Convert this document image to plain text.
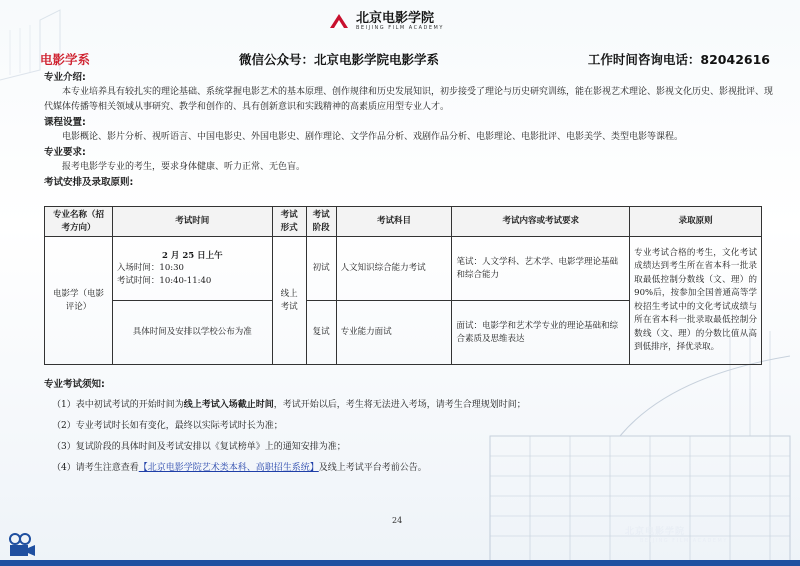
北京电影学院
BEIJING FILM ACADEMY
电影学系	微信公众号：北京电影学院电影学系	工作时间咨询电话：82042616

专业介绍:

本专业培养具有较扎实的理论基础、系统掌握电影艺术的基本原理、创作规律和历史发展知识，初步接受了理论与历史研究训练，能在影视艺术理论、影视文化历史、影视批评、现代媒体传播等相关领域从事研究、教学和创作的、具有创新意识和实践精神的高素质应用型专业人才。

课程设置:

电影概论、影片分析、视听语言、中国电影史、外国电影史、剧作理论、文学作品分析、戏剧作品分析、电影理论、电影批评、电影美学、类型电影等课程。

专业要求:

报考电影学专业的考生，要求身体健康、听力正常、无色盲。

考试安排及录取原则:

专业名称（招考方向）	考试时间	考试形式	考试阶段	考试科目	考试内容或考试要求	录取原则
电影学（电影评论）	2 月 25 日上午
入场时间：10:30
考试时间：10:40-11:40	线上考试	初试	人文知识综合能力考试	笔试：人文学科、艺术学、电影学理论基础和综合能力	专业考试合格的考生，文化考试成绩达到考生所在省本科一批录取最低控制分数线（文、理）的 90%后，按参加全国普通高等学校招生考试中的文化考试成绩与所在省本科一批录取最低控制分数线（文、理）的分数比值从高到低排序，择优录取。
	具体时间及安排以学校公布为准		复试	专业能力面试	面试：电影学和艺术学专业的理论基础和综合素质及思维表达	

专业考试须知:

（1）表中初试考试的开始时间为线上考试入场截止时间，考试开始以后，考生将无法进入考场，请考生合理规划时间；

（2）专业考试时长如有变化，最终以实际考试时长为准；

（3）复试阶段的具体时间及考试安排以《复试榜单》上的通知安排为准；

（4）请考生注意查看【北京电影学院艺术类本科、高职招生系统】及线上考试平台考前公告。

24
北京电影学院
BEIJING FILM ACADEMY
